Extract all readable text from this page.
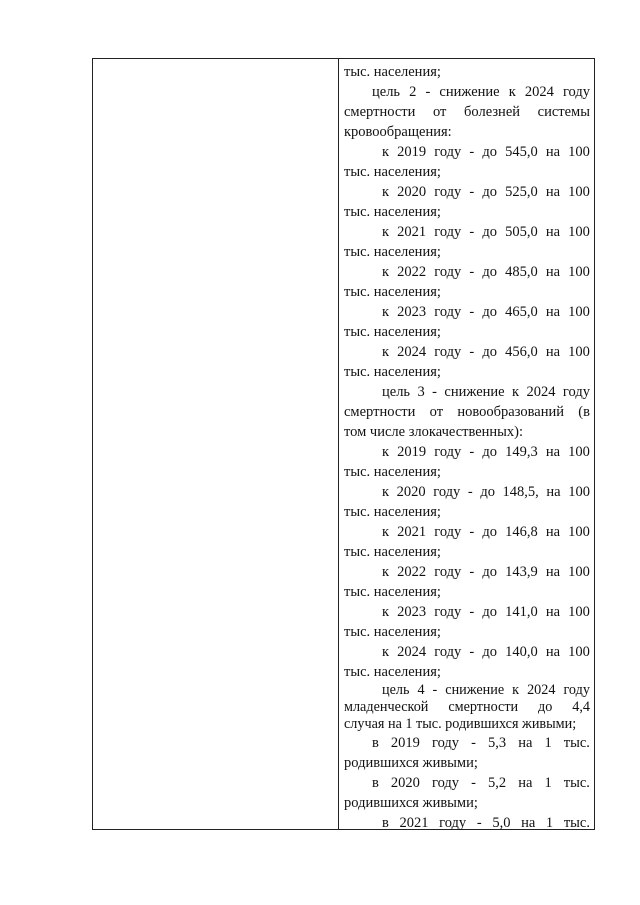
тыс. населения;
цель 2 - снижение к 2024 году
смертности от болезней системы
кровообращения:
к 2019 году - до 545,0 на 100
тыс. населения;
к 2020 году - до 525,0 на 100
тыс. населения;
к 2021 году - до 505,0 на 100
тыс. населения;
к 2022 году - до 485,0 на 100
тыс. населения;
к 2023 году - до 465,0 на 100
тыс. населения;
к 2024 году - до 456,0 на 100
тыс. населения;
цель 3 - снижение к 2024 году
смертности от новообразований (в
том числе злокачественных):
к 2019 году - до 149,3 на 100
тыс. населения;
к 2020 году - до 148,5, на 100
тыс. населения;
к 2021 году - до 146,8 на 100
тыс. населения;
к 2022 году - до 143,9 на 100
тыс. населения;
к 2023 году - до 141,0 на 100
тыс. населения;
к 2024 году - до 140,0 на 100
тыс. населения;
цель 4 - снижение к 2024 году
младенческой смертности до 4,4
случая на 1 тыс. родившихся живыми;
в 2019 году - 5,3 на 1 тыс.
родившихся живыми;
в 2020 году - 5,2 на 1 тыс.
родившихся живыми;
в 2021 году - 5,0 на 1 тыс.
